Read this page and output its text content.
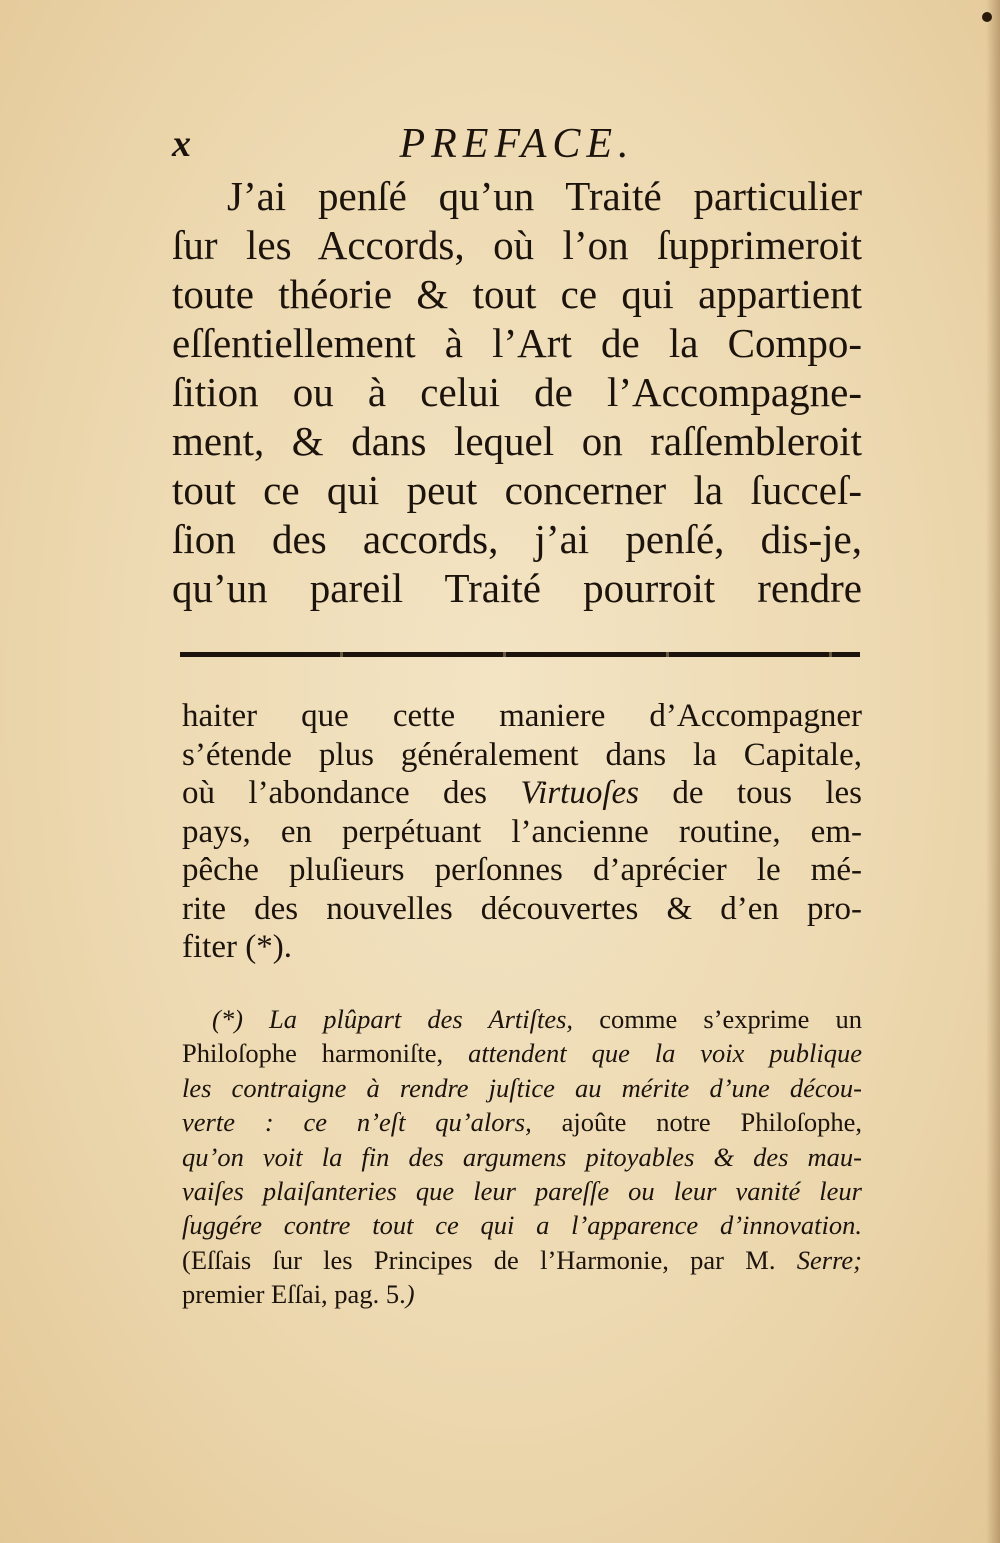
x	PREFACE.
J’ai penſé qu’un Traité particulier
ſur les Accords, où l’on ſupprimeroit
toute théorie & tout ce qui appartient
eſſentiellement à l’Art de la Compo-
ſition ou à celui de l’Accompagne-
ment, & dans lequel on raſſembleroit
tout ce qui peut concerner la ſucceſ-
ſion des accords, j’ai penſé, dis-je,
qu’un pareil Traité pourroit rendre
haiter que cette maniere d’Accompagner
s’étende plus généralement dans la Capitale,
où l’abondance des Virtuoſes de tous les
pays, en perpétuant l’ancienne routine, em-
pêche pluſieurs perſonnes d’aprécier le mé-
rite des nouvelles découvertes & d’en pro-
fiter (*).
(*) La plûpart des Artiſtes, comme s’exprime un
Philoſophe harmoniſte, attendent que la voix publique
les contraigne à rendre juſtice au mérite d’une décou-
verte : ce n’eſt qu’alors, ajoûte notre Philoſophe,
qu’on voit la fin des argumens pitoyables & des mau-
vaiſes plaiſanteries que leur pareſſe ou leur vanité leur
ſuggére contre tout ce qui a l’apparence d’innovation.
(Eſſais ſur les Principes de l’Harmonie, par M. Serre;
premier Eſſai, pag. 5.)
